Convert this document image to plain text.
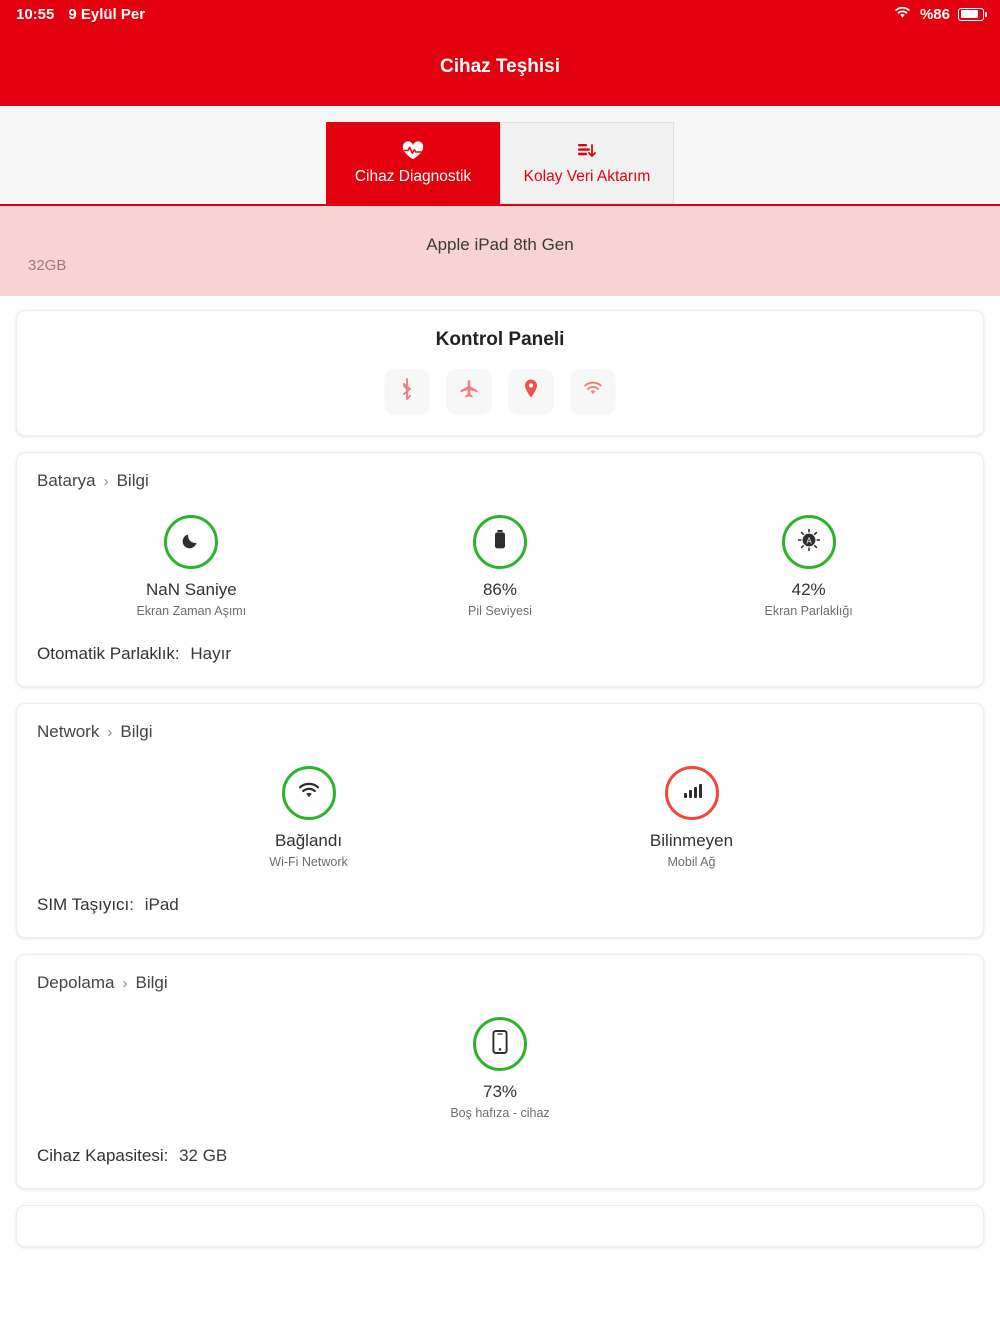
10:55 9 Eylül Per	%86
Cihaz Teşhisi
Cihaz Diagnostik	Kolay Veri Aktarım
Apple iPad 8th Gen
32GB
Kontrol Paneli
Batarya › Bilgi
NaN Saniye
Ekran Zaman Aşımı
86%
Pil Seviyesi
A
42%
Ekran Parlaklığı
Otomatik Parlaklık: Hayır
Network › Bilgi
Bağlandı
Wi-Fi Network
Bilinmeyen
Mobil Ağ
SIM Taşıyıcı: iPad
Depolama › Bilgi
73%
Boş hafıza - cihaz
Cihaz Kapasitesi: 32 GB
